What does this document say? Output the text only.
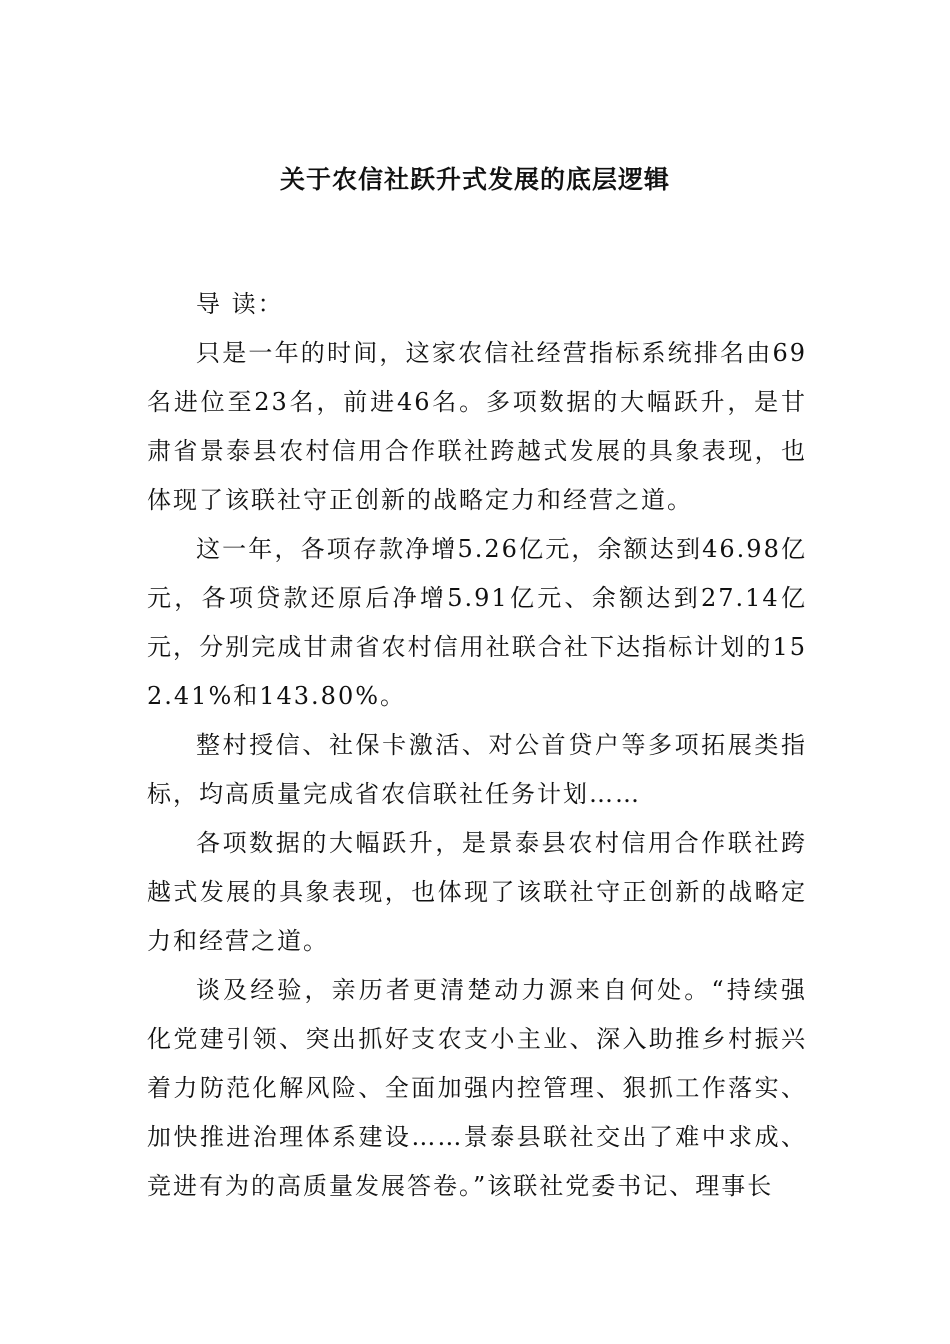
关于农信社跃升式发展的底层逻辑

导 读：

只是一年的时间，这家农信社经营指标系统排名由69名进位至23名，前进46名。多项数据的大幅跃升，是甘肃省景泰县农村信用合作联社跨越式发展的具象表现，也体现了该联社守正创新的战略定力和经营之道。

这一年，各项存款净增5.26亿元，余额达到46.98亿元，各项贷款还原后净增5.91亿元、余额达到27.14亿元，分别完成甘肃省农村信用社联合社下达指标计划的152.41%和143.80%。

整村授信、社保卡激活、对公首贷户等多项拓展类指标，均高质量完成省农信联社任务计划……

各项数据的大幅跃升，是景泰县农村信用合作联社跨越式发展的具象表现，也体现了该联社守正创新的战略定力和经营之道。

谈及经验，亲历者更清楚动力源来自何处。“持续强化党建引领、突出抓好支农支小主业、深入助推乡村振兴着力防范化解风险、全面加强内控管理、狠抓工作落实、加快推进治理体系建设……景泰县联社交出了难中求成、竞进有为的高质量发展答卷。”该联社党委书记、理事长
